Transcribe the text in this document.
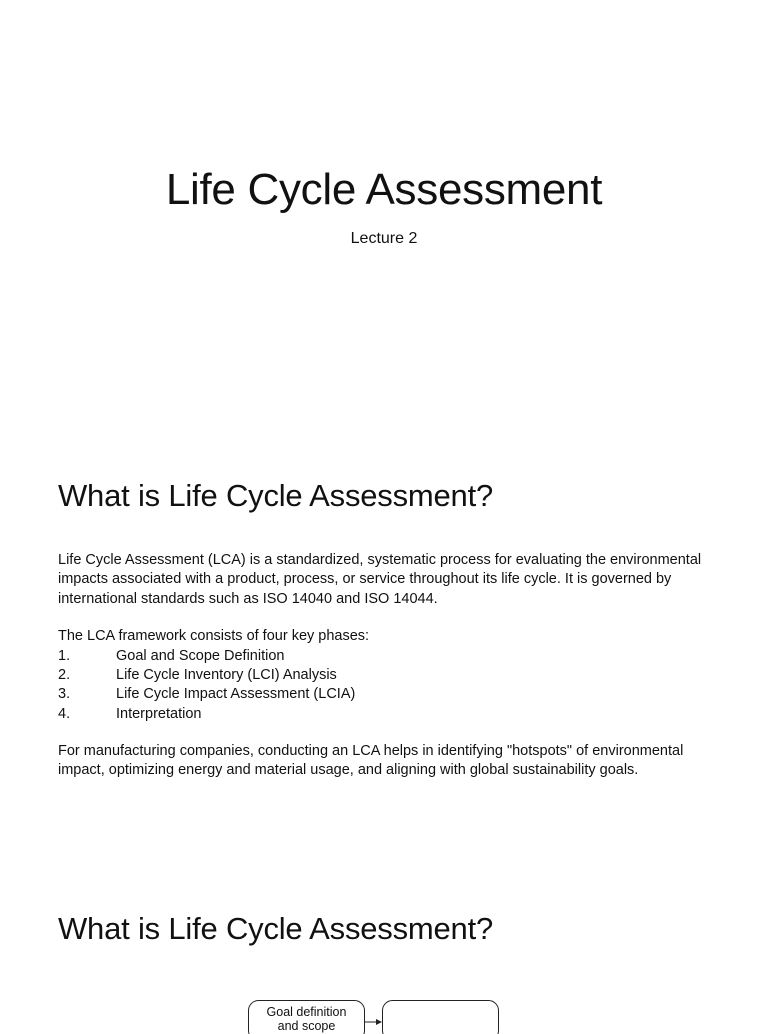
Life Cycle Assessment
Lecture 2
What is Life Cycle Assessment?

Life Cycle Assessment (LCA) is a standardized, systematic process for evaluating the environmental impacts associated with a product, process, or service throughout its life cycle. It is governed by international standards such as ISO 14040 and ISO 14044.

The LCA framework consists of four key phases:

1.	Goal and Scope Definition
2.	Life Cycle Inventory (LCI) Analysis
3.	Life Cycle Impact Assessment (LCIA)
4.	Interpretation

For manufacturing companies, conducting an LCA helps in identifying "hotspots" of environmental impact, optimizing energy and material usage, and aligning with global sustainability goals.

What is Life Cycle Assessment?
Goal definition
and scope
